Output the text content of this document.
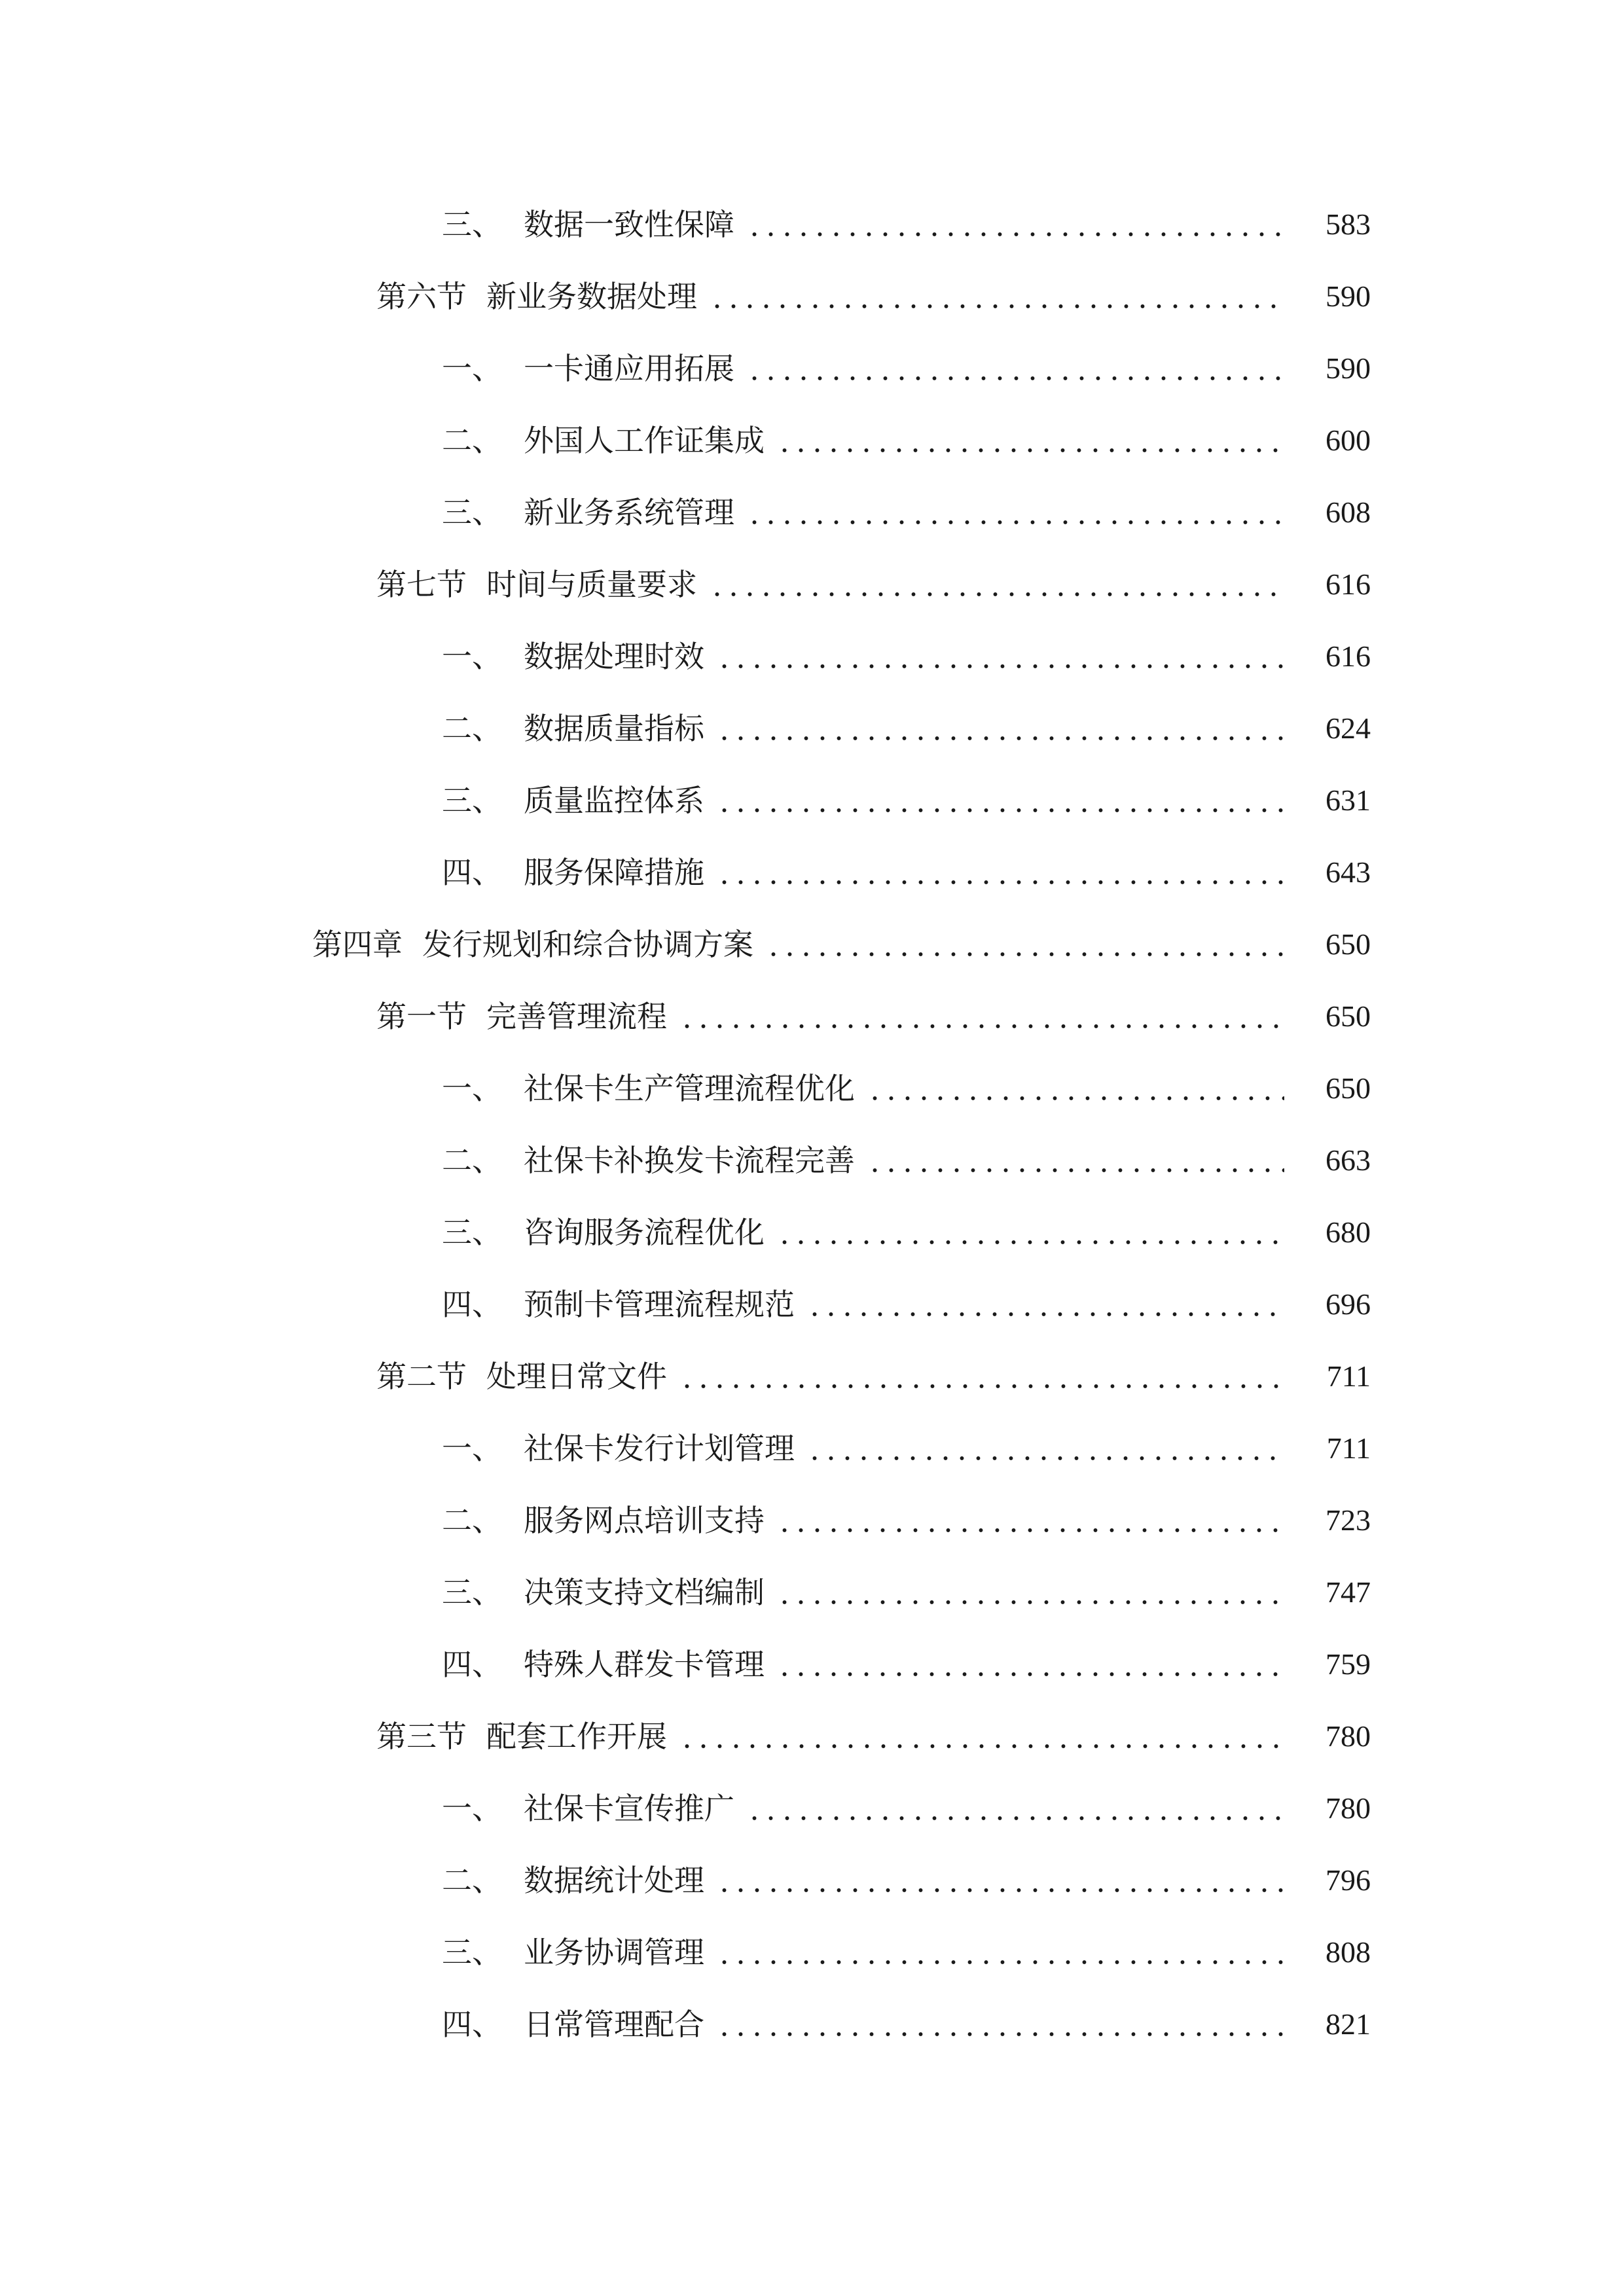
三、 数据一致性保障	583
第六节 新业务数据处理	590
一、 一卡通应用拓展	590
二、 外国人工作证集成	600
三、 新业务系统管理	608
第七节 时间与质量要求	616
一、 数据处理时效	616
二、 数据质量指标	624
三、 质量监控体系	631
四、 服务保障措施	643
第四章 发行规划和综合协调方案	650
第一节 完善管理流程	650
一、 社保卡生产管理流程优化	650
二、 社保卡补换发卡流程完善	663
三、 咨询服务流程优化	680
四、 预制卡管理流程规范	696
第二节 处理日常文件	711
一、 社保卡发行计划管理	711
二、 服务网点培训支持	723
三、 决策支持文档编制	747
四、 特殊人群发卡管理	759
第三节 配套工作开展	780
一、 社保卡宣传推广	780
二、 数据统计处理	796
三、 业务协调管理	808
四、 日常管理配合	821
